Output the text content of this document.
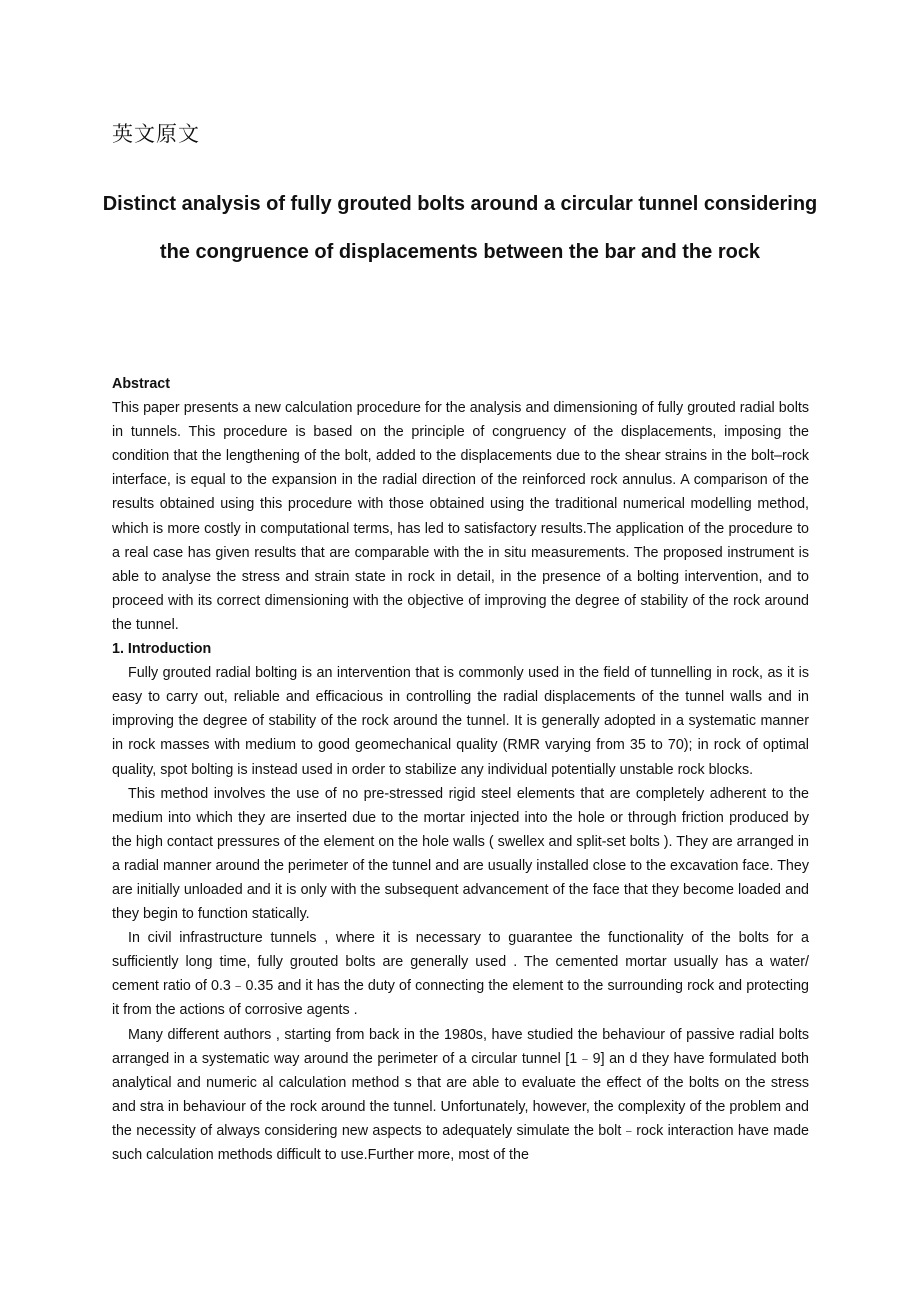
英文原文
Distinct analysis of fully grouted bolts around a circular tunnel considering the congruence of displacements between the bar and the rock

Abstract

This paper presents a new calculation procedure for the analysis and dimensioning of fully grouted radial bolts in tunnels. This procedure is based on the principle of congruency of the displacements, imposing the condition that the lengthening of the bolt, added to the displacements due to the shear strains in the bolt–rock interface, is equal to the expansion in the radial direction of the reinforced rock annulus. A comparison of the results obtained using this procedure with those obtained using the traditional numerical modelling method, which is more costly in computational terms, has led to satisfactory results.The application of the procedure to a real case has given results that are comparable with the in situ measurements. The proposed instrument is able to analyse the stress and strain state in rock in detail, in the presence of a bolting intervention, and to proceed with its correct dimensioning with the objective of improving the degree of stability of the rock around the tunnel.

1. Introduction

Fully grouted radial bolting is an intervention that is commonly used in the field of tunnelling in rock, as it is easy to carry out, reliable and efficacious in controlling the radial displacements of the tunnel walls and in improving the degree of stability of the rock around the tunnel. It is generally adopted in a systematic manner in rock masses with medium to good geomechanical quality (RMR varying from 35 to 70); in rock of optimal quality, spot bolting is instead used in order to stabilize any individual potentially unstable rock blocks.

This method involves the use of no pre-stressed rigid steel elements that are completely adherent to the medium into which they are inserted due to the mortar injected into the hole or through friction produced by the high contact pressures of the element on the hole walls ( swellex and split-set bolts ). They are arranged in a radial manner around the perimeter of the tunnel and are usually installed close to the excavation face. They are initially unloaded and it is only with the subsequent advancement of the face that they become loaded and they begin to function statically.

In civil infrastructure tunnels , where it is necessary to guarantee the functionality of the bolts for a sufficiently long time, fully grouted bolts are generally used . The cemented mortar usually has a water/ cement ratio of 0.3﹣0.35 and it has the duty of connecting the element to the surrounding rock and protecting it from the actions of corrosive agents .

Many different authors , starting from back in the 1980s, have studied the behaviour of passive radial bolts arranged in a systematic way around the perimeter of a circular tunnel [1﹣9] an d they have formulated both analytical and numeric al calculation method s that are able to evaluate the effect of the bolts on the stress and stra in behaviour of the rock around the tunnel. Unfortunately, however, the complexity of the problem and the necessity of always considering new aspects to adequately simulate the bolt﹣rock interaction have made such calculation methods difficult to use.Further more, most of the
